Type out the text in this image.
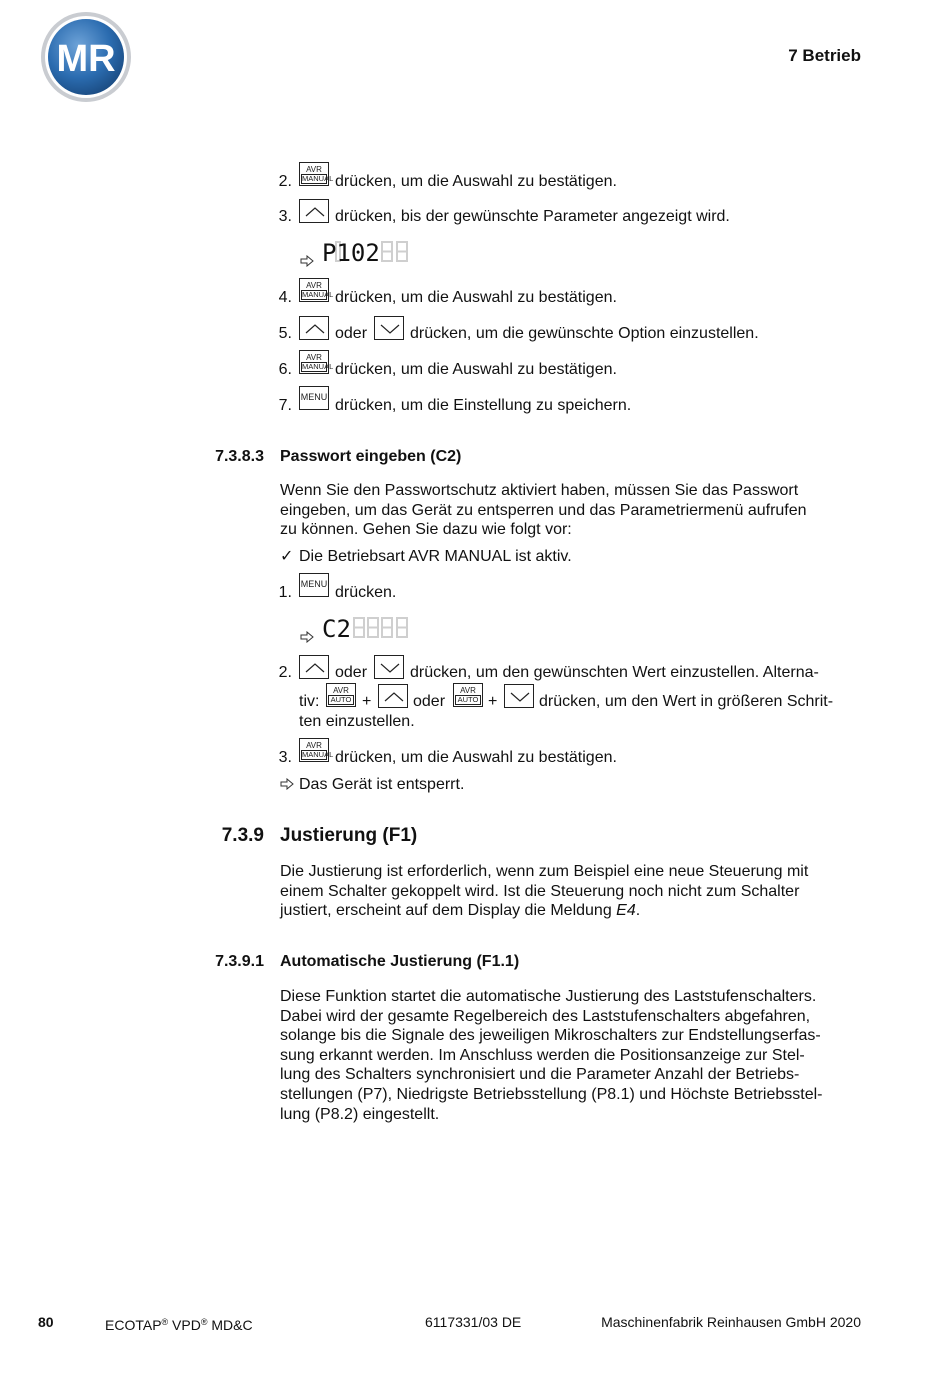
MR	7 Betrieb
2.
AVR
MANUAL drücken, um die Auswahl zu bestätigen.
3.	drücken, bis der gewünschte Parameter angezeigt wird.
P102
4.
AVR
MANUAL drücken, um die Auswahl zu bestätigen.
5.	oder	drücken, um die gewünschte Option einzustellen.
6.
AVR
MANUAL drücken, um die Auswahl zu bestätigen.
7. MENU drücken, um die Einstellung zu speichern.
7.3.8.3 Passwort eingeben (C2)
Wenn Sie den Passwortschutz aktiviert haben, müssen Sie das Passwort
eingeben, um das Gerät zu entsperren und das Parametriermenü aufrufen
zu können. Gehen Sie dazu wie folgt vor:
✓ Die Betriebsart AVR MANUAL ist aktiv.
1. MENU drücken.
C2
2.	oder	drücken, um den gewünschten Wert einzustellen. Alterna-
tiv:
AVR
AUTO +	oder
AVR
AUTO +	drücken, um den Wert in größeren Schrit-
ten einzustellen.
3.
AVR
MANUAL drücken, um die Auswahl zu bestätigen.
Das Gerät ist entsperrt.
7.3.9 Justierung (F1)
Die Justierung ist erforderlich, wenn zum Beispiel eine neue Steuerung mit
einem Schalter gekoppelt wird. Ist die Steuerung noch nicht zum Schalter
justiert, erscheint auf dem Display die Meldung E4.
7.3.9.1 Automatische Justierung (F1.1)
Diese Funktion startet die automatische Justierung des Laststufenschalters.
Dabei wird der gesamte Regelbereich des Laststufenschalters abgefahren,
solange bis die Signale des jeweiligen Mikroschalters zur Endstellungserfas-
sung erkannt werden. Im Anschluss werden die Positionsanzeige zur Stel-
lung des Schalters synchronisiert und die Parameter Anzahl der Betriebs-
stellungen (P7), Niedrigste Betriebsstellung (P8.1) und Höchste Betriebsstel-
lung (P8.2) eingestellt.
80	ECOTAP® VPD® MD&C	6117331/03 DE	Maschinenfabrik Reinhausen GmbH 2020
